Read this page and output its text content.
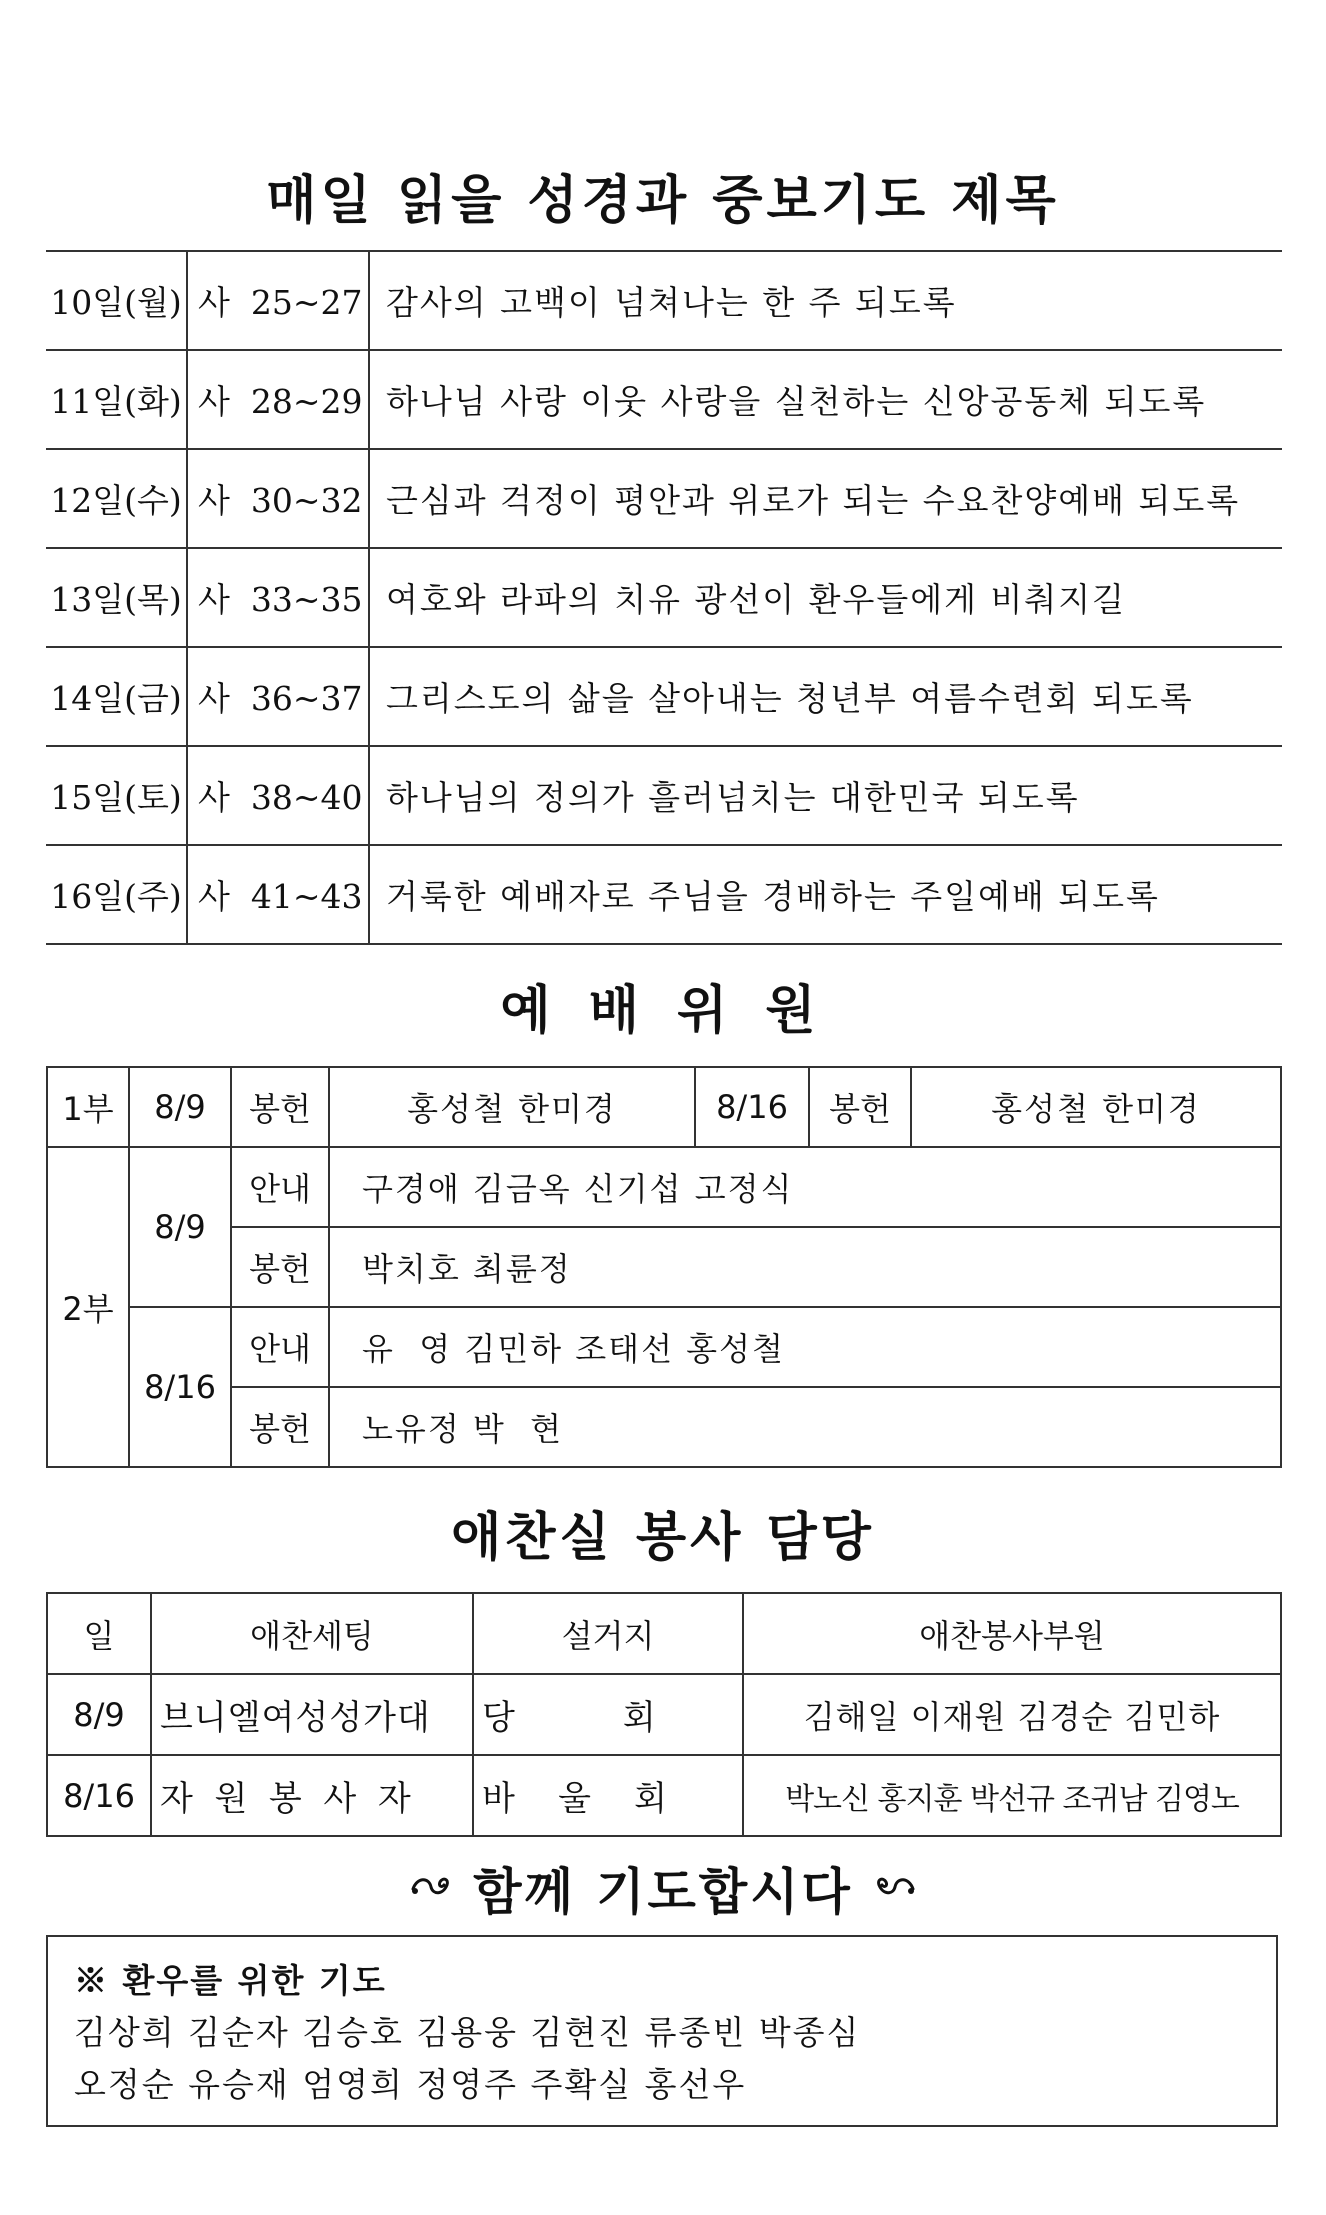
매일 읽을 성경과 중보기도 제목
10일(월)	사  25~27	감사의 고백이 넘쳐나는 한 주 되도록
11일(화)	사  28~29	하나님 사랑 이웃 사랑을 실천하는 신앙공동체 되도록
12일(수)	사  30~32	근심과 걱정이 평안과 위로가 되는 수요찬양예배 되도록
13일(목)	사  33~35	여호와 라파의 치유 광선이 환우들에게 비춰지길
14일(금)	사  36~37	그리스도의 삶을 살아내는 청년부 여름수련회 되도록
15일(토)	사  38~40	하나님의 정의가 흘러넘치는 대한민국 되도록
16일(주)	사  41~43	거룩한 예배자로 주님을 경배하는 주일예배 되도록
예 배 위 원
1부	8/9	봉헌	홍성철 한미경	8/16	봉헌	홍성철 한미경
2부	8/9	안내	구경애 김금옥 신기섭 고정식			
		봉헌	박치호 최륜정			
	8/16	안내	유  영 김민하 조태선 홍성철			
		봉헌	노유정 박  현			
애찬실 봉사 담당
일	애찬세팅	설거지	애찬봉사부원
8/9	브니엘여성성가대	당          회	김해일 이재원 김경순 김민하
8/16	자  원  봉  사  자	바    울    회	박노신 홍지훈 박선규 조귀남 김영노
함께 기도합시다
※ 환우를 위한 기도
김상희 김순자 김승호 김용웅 김현진 류종빈 박종심
오정순 유승재 엄영희 정영주 주확실 홍선우
